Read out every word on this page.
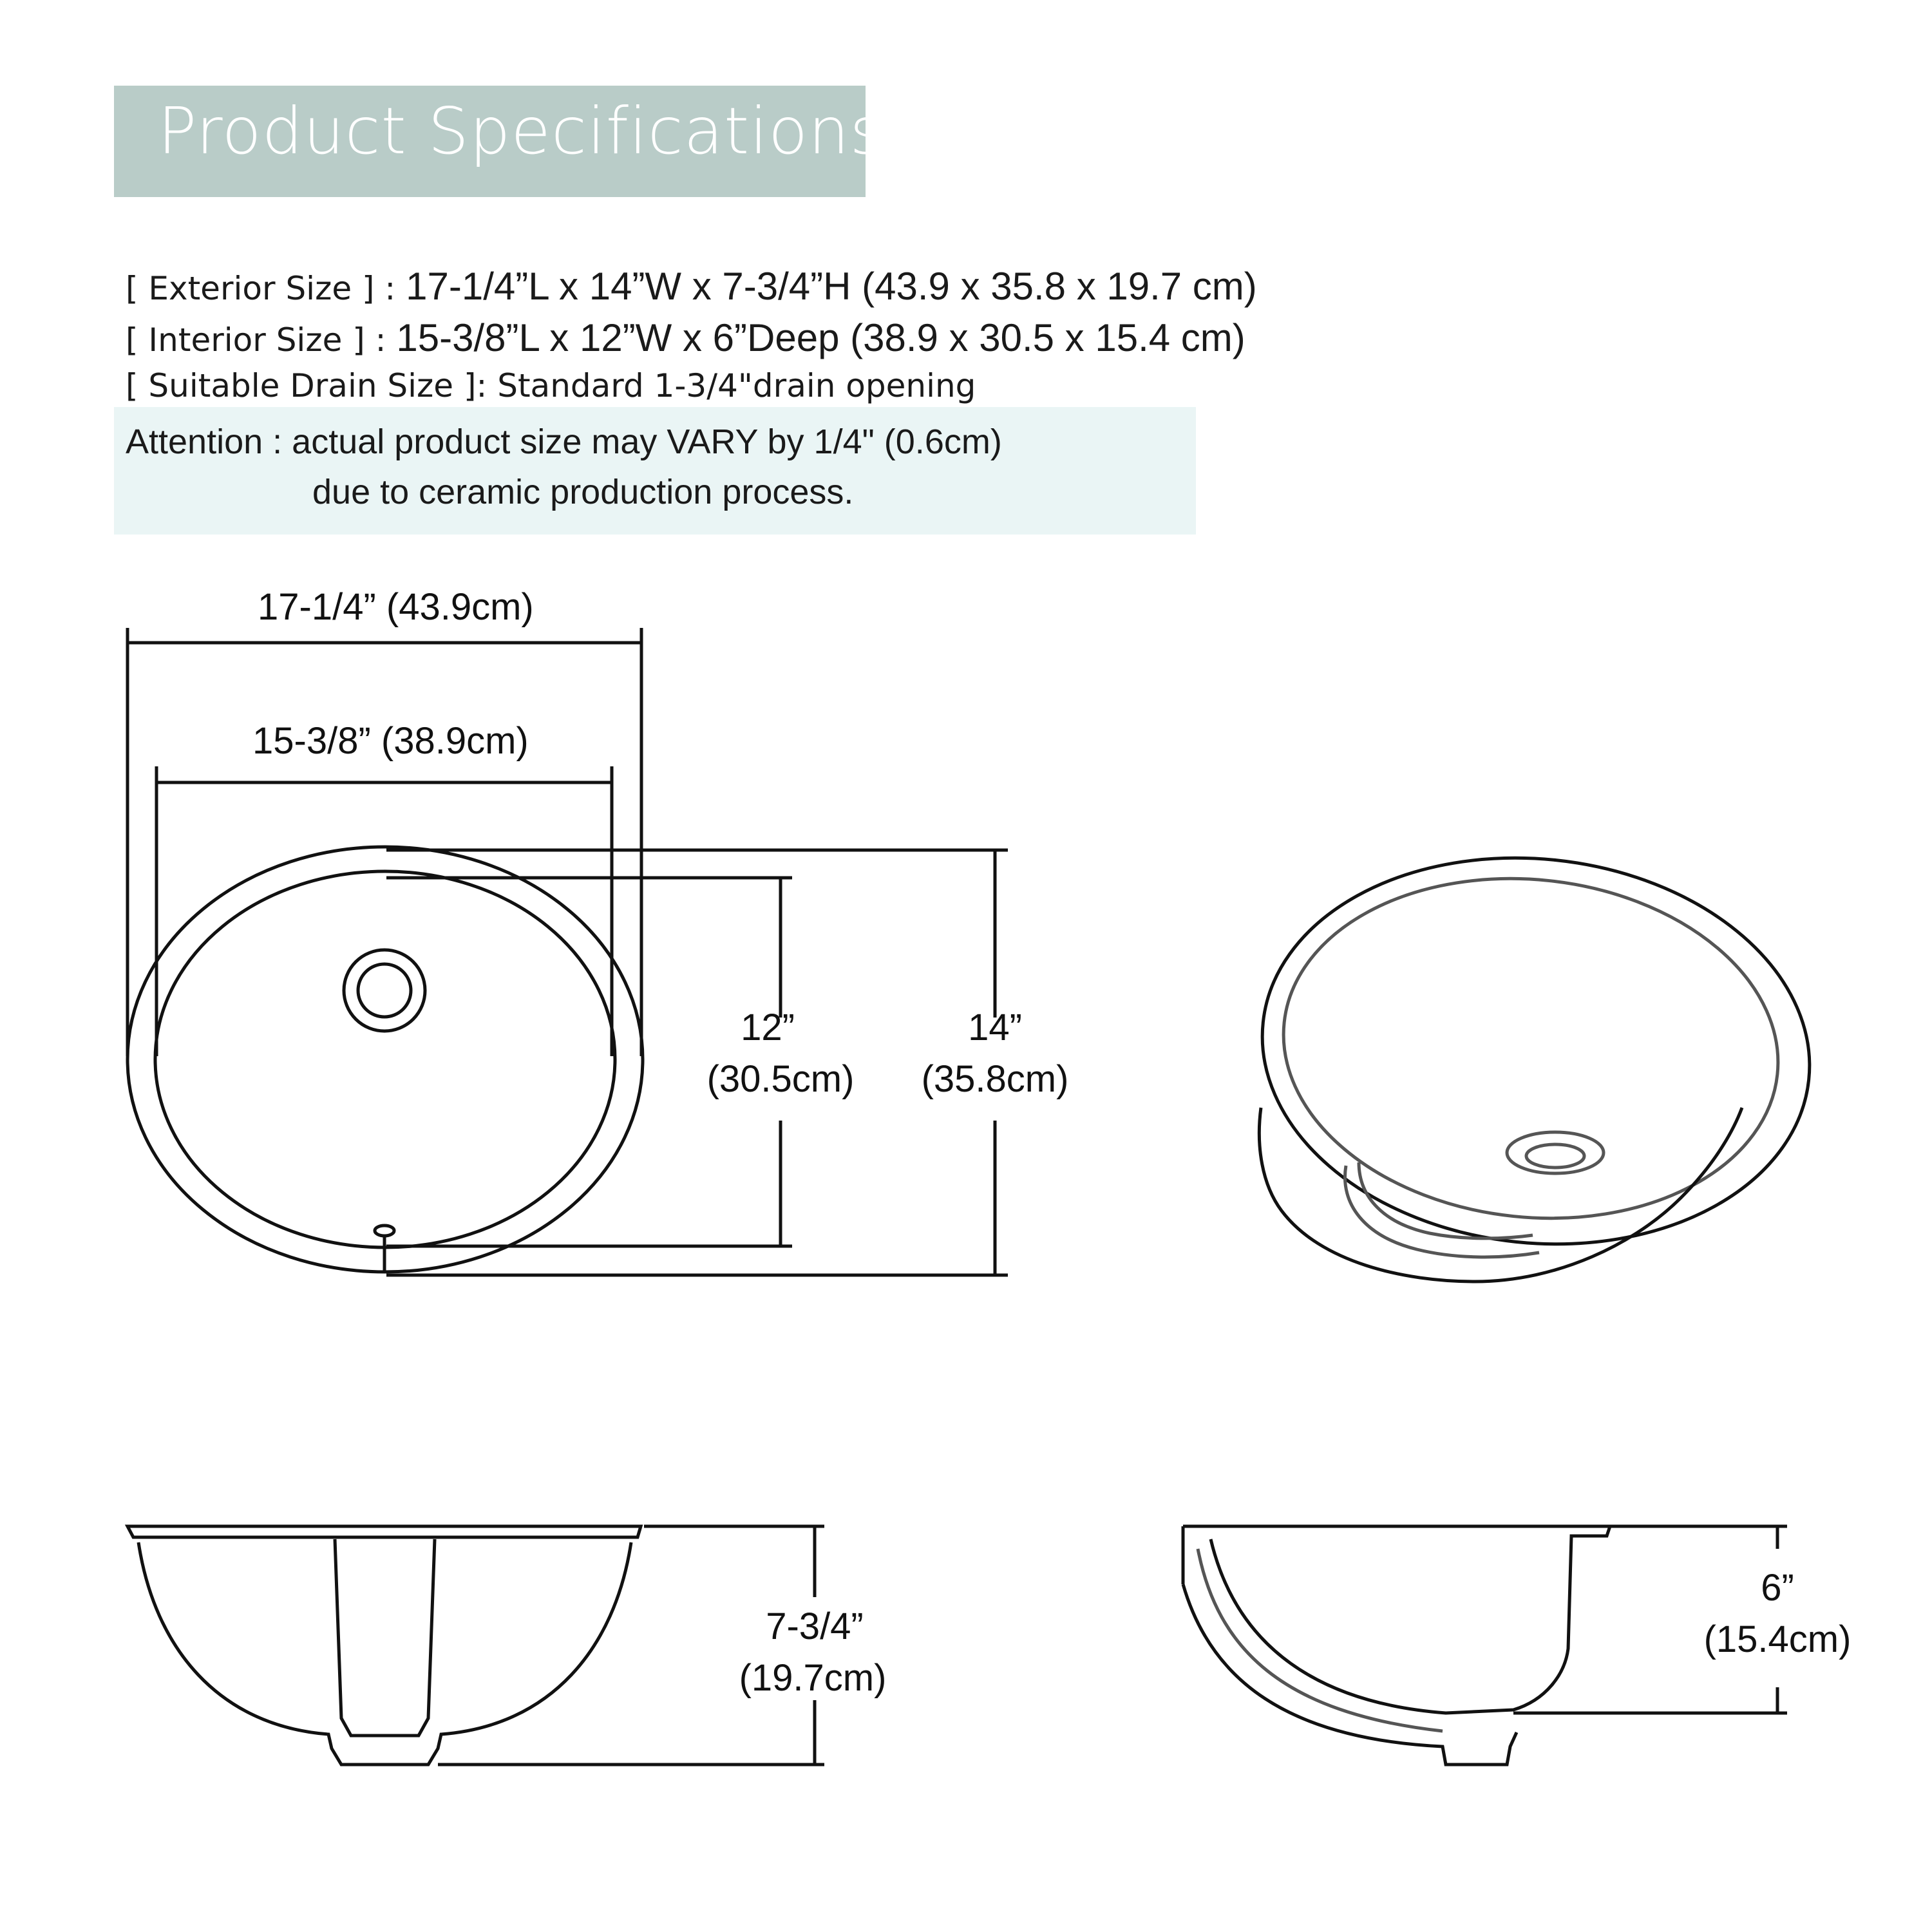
Product Specifications
[ Exterior Size ] : 17-1/4”L x 14”W x 7-3/4”H (43.9 x 35.8 x 19.7 cm)
[ Interior Size ] : 15-3/8”L x 12”W x 6”Deep (38.9 x 30.5 x 15.4 cm)
[ Suitable Drain Size ]: Standard 1-3/4"drain opening
Attention : actual product size may VARY by 1/4" (0.6cm)
due to ceramic production process.
17-1/4” (43.9cm)
15-3/8” (38.9cm)
12”
(30.5cm)
14”
(35.8cm)
7-3/4”
(19.7cm)
6”
(15.4cm)
